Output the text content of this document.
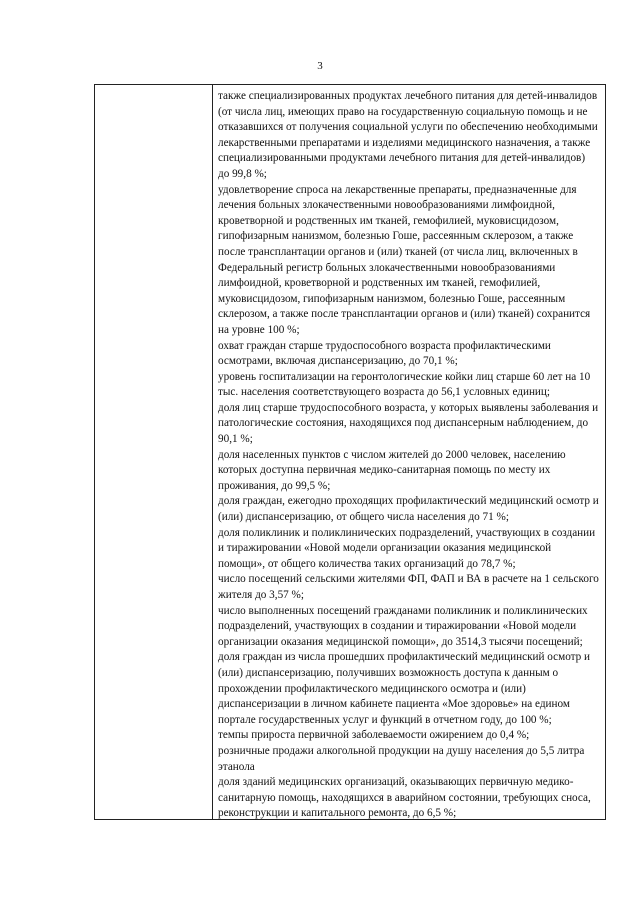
3

также специализированных продуктах лечебного питания для детей-инвалидов (от числа лиц, имеющих право на государственную социальную помощь и не отказавшихся от получения социальной услуги по обеспечению необходимыми лекарственными препаратами и изделиями медицинского назначения, а также специализированными продуктами лечебного питания для детей-инвалидов) до 99,8 %;

удовлетворение спроса на лекарственные препараты, предназначенные для лечения больных злокачественными новообразованиями лимфоидной, кроветворной и родственных им тканей, гемофилией, муковисцидозом, гипофизарным нанизмом, болезнью Гоше, рассеянным склерозом, а также после трансплантации органов и (или) тканей (от числа лиц, включенных в Федеральный регистр больных злокачественными новообразованиями лимфоидной, кроветворной и родственных им тканей, гемофилией, муковисцидозом, гипофизарным нанизмом, болезнью Гоше, рассеянным склерозом, а также после трансплантации органов и (или) тканей) сохранится на уровне 100 %;

охват граждан старше трудоспособного возраста профилактическими осмотрами, включая диспансеризацию, до 70,1 %;

уровень госпитализации на геронтологические койки лиц старше 60 лет на 10 тыс. населения соответствующего возраста до 56,1 условных единиц;

доля лиц старше трудоспособного возраста, у которых выявлены заболевания и патологические состояния, находящихся под диспансерным наблюдением, до 90,1 %;

доля населенных пунктов с числом жителей до 2000 человек, населению которых доступна первичная медико-санитарная помощь по месту их проживания, до 99,5 %;

доля граждан, ежегодно проходящих профилактический медицинский осмотр и (или) диспансеризацию, от общего числа населения до 71 %;

доля поликлиник и поликлинических подразделений, участвующих в создании и тиражировании «Новой модели организации оказания медицинской помощи», от общего количества таких организаций до 78,7 %;

число посещений сельскими жителями ФП, ФАП и ВА в расчете на 1 сельского жителя до 3,57 %;

число выполненных посещений гражданами поликлиник и поликлинических подразделений, участвующих в создании и тиражировании «Новой модели организации оказания медицинской помощи», до 3514,3 тысячи посещений;

доля граждан из числа прошедших профилактический медицинский осмотр и (или) диспансеризацию, получивших возможность доступа к данным о прохождении профилактического медицинского осмотра и (или) диспансеризации в личном кабинете пациента «Мое здоровье» на едином портале государственных услуг и функций в отчетном году, до 100 %;

темпы прироста первичной заболеваемости ожирением до 0,4 %;

розничные продажи алкогольной продукции на душу населения до 5,5 литра этанола

доля зданий медицинских организаций, оказывающих первичную медико-санитарную помощь, находящихся в аварийном состоянии, требующих сноса, реконструкции и капитального ремонта, до 6,5 %;
